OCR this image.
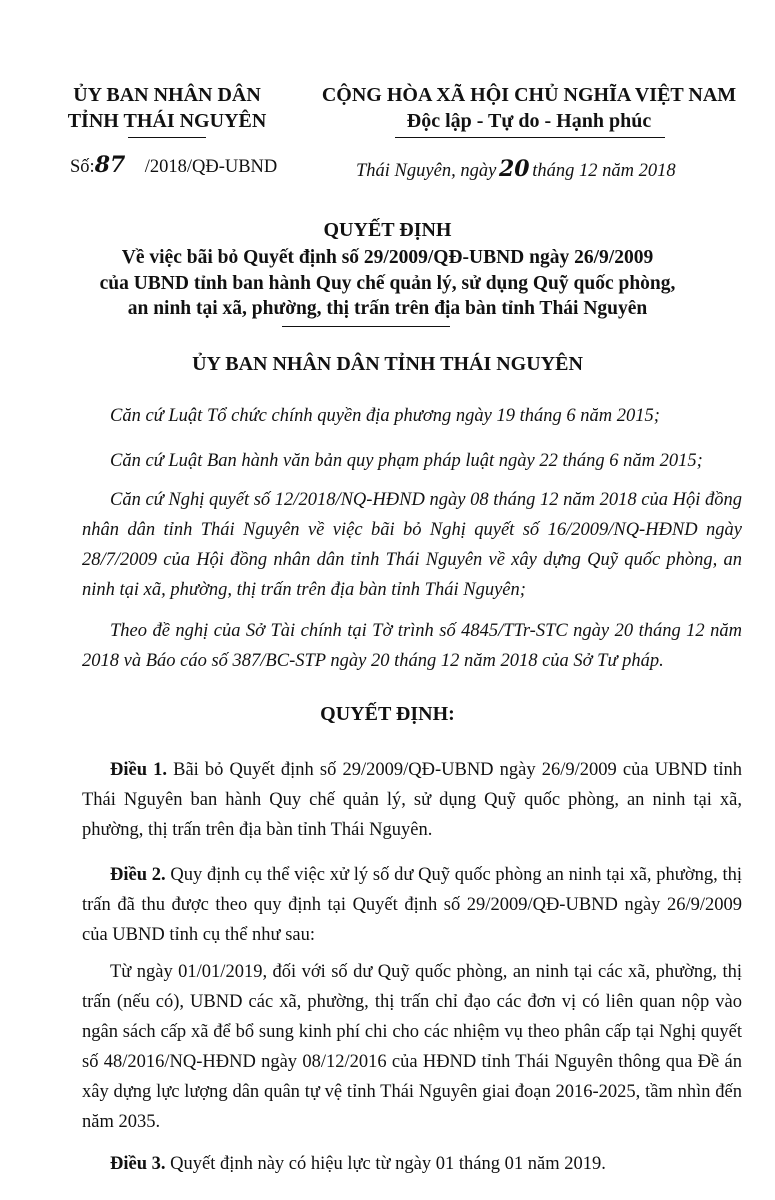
ỦY BAN NHÂN DÂN
TỈNH THÁI NGUYÊN
CỘNG HÒA XÃ HỘI CHỦ NGHĨA VIỆT NAM
Độc lập - Tự do - Hạnh phúc
Số:87 /2018/QĐ-UBND	Thái Nguyên, ngày 20 tháng 12 năm 2018
QUYẾT ĐỊNH
Về việc bãi bỏ Quyết định số 29/2009/QĐ-UBND ngày 26/9/2009
của UBND tỉnh ban hành Quy chế quản lý, sử dụng Quỹ quốc phòng,
an ninh tại xã, phường, thị trấn trên địa bàn tỉnh Thái Nguyên
ỦY BAN NHÂN DÂN TỈNH THÁI NGUYÊN
Căn cứ Luật Tổ chức chính quyền địa phương ngày 19 tháng 6 năm 2015;
Căn cứ Luật Ban hành văn bản quy phạm pháp luật ngày 22 tháng 6 năm 2015;
Căn cứ Nghị quyết số 12/2018/NQ-HĐND ngày 08 tháng 12 năm 2018 của Hội đồng nhân dân tỉnh Thái Nguyên về việc bãi bỏ Nghị quyết số 16/2009/NQ-HĐND ngày 28/7/2009 của Hội đồng nhân dân tỉnh Thái Nguyên về xây dựng Quỹ quốc phòng, an ninh tại xã, phường, thị trấn trên địa bàn tỉnh Thái Nguyên;
Theo đề nghị của Sở Tài chính tại Tờ trình số 4845/TTr-STC ngày 20 tháng 12 năm 2018 và Báo cáo số 387/BC-STP ngày 20 tháng 12 năm 2018 của Sở Tư pháp.
QUYẾT ĐỊNH:
Điều 1. Bãi bỏ Quyết định số 29/2009/QĐ-UBND ngày 26/9/2009 của UBND tỉnh Thái Nguyên ban hành Quy chế quản lý, sử dụng Quỹ quốc phòng, an ninh tại xã, phường, thị trấn trên địa bàn tỉnh Thái Nguyên.
Điều 2. Quy định cụ thể việc xử lý số dư Quỹ quốc phòng an ninh tại xã, phường, thị trấn đã thu được theo quy định tại Quyết định số 29/2009/QĐ-UBND ngày 26/9/2009 của UBND tỉnh cụ thể như sau:
Từ ngày 01/01/2019, đối với số dư Quỹ quốc phòng, an ninh tại các xã, phường, thị trấn (nếu có), UBND các xã, phường, thị trấn chỉ đạo các đơn vị có liên quan nộp vào ngân sách cấp xã để bổ sung kinh phí chi cho các nhiệm vụ theo phân cấp tại Nghị quyết số 48/2016/NQ-HĐND ngày 08/12/2016 của HĐND tỉnh Thái Nguyên thông qua Đề án xây dựng lực lượng dân quân tự vệ tỉnh Thái Nguyên giai đoạn 2016-2025, tầm nhìn đến năm 2035.
Điều 3. Quyết định này có hiệu lực từ ngày 01 tháng 01 năm 2019.
